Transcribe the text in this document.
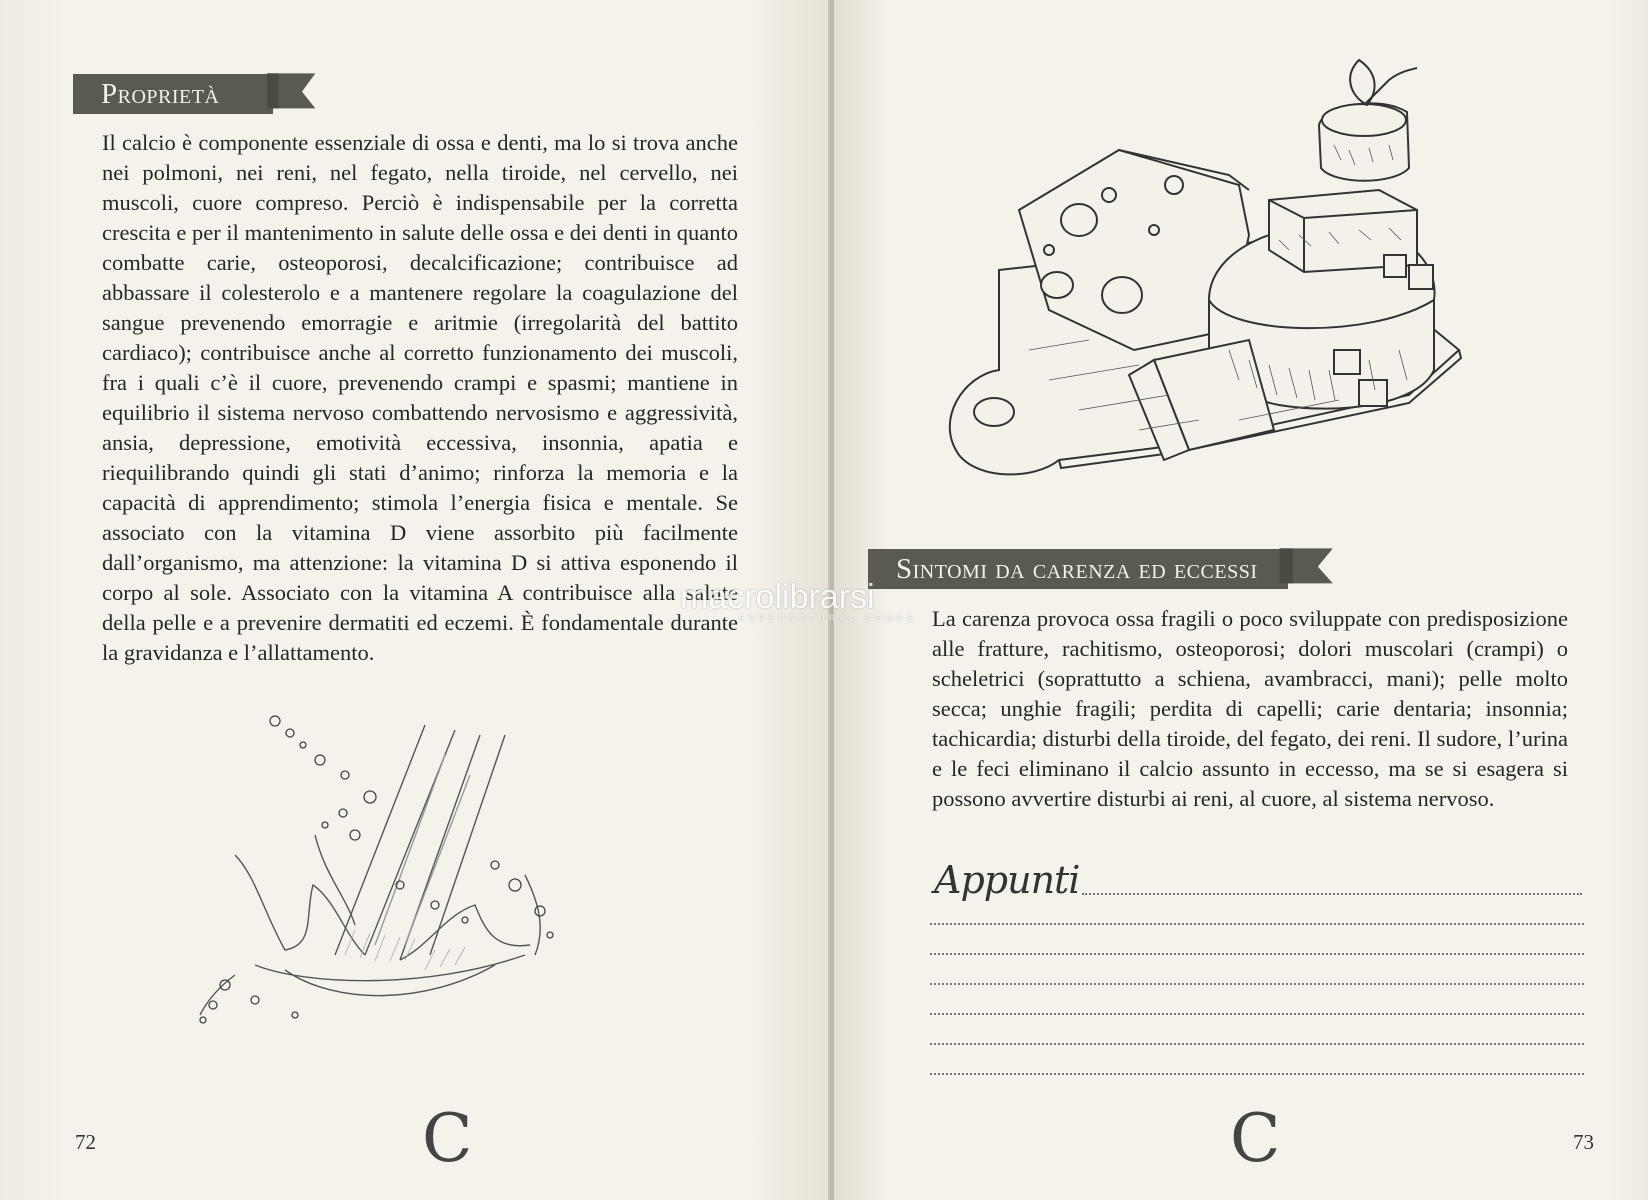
Proprietà

Il calcio è componente essenziale di ossa e denti, ma lo si trova anche nei polmoni, nei reni, nel fegato, nella tiroide, nel cervello, nei muscoli, cuore compreso. Perciò è indispensabile per la corretta crescita e per il mantenimento in salute delle ossa e dei denti in quanto combatte carie, osteoporosi, decalcificazione; contribuisce ad abbassare il colesterolo e a mantenere regolare la coagulazione del sangue prevenendo emorragie e aritmie (irregolarità del battito cardiaco); contribuisce anche al corretto funzionamento dei muscoli, fra i quali c’è il cuore, prevenendo crampi e spasmi; mantiene in equilibrio il sistema nervoso combattendo nervosismo e aggressività, ansia, depressione, emotività eccessiva, insonnia, apatia e riequilibrando quindi gli stati d’animo; rinforza la memoria e la capacità di apprendimento; stimola l’energia fisica e mentale. Se associato con la vitamina D viene assorbito più facilmente dall’organismo, ma attenzione: la vitamina D si attiva esponendo il corpo al sole. Associato con la vitamina A contribuisce alla salute della pelle e a prevenire dermatiti ed eczemi. È fondamentale durante la gravidanza e l’allattamento.

C
72
Sintomi da carenza ed eccessi

La carenza provoca ossa fragili o poco sviluppate con predisposizione alle fratture, rachitismo, osteoporosi; dolori muscolari (crampi) o scheletrici (soprattutto a schiena, avambracci, mani); pelle molto secca; unghie fragili; perdita di capelli; carie dentaria; insonnia; tachicardia; disturbi della tiroide, del fegato, dei reni. Il sudore, l’urina e le feci eliminano il calcio assunto in eccesso, ma se si esagera si possono avvertire disturbi ai reni, al cuore, al sistema nervoso.

Appunti
C	73
macrolibrarsi
SUPERNATURAL BOOKS
